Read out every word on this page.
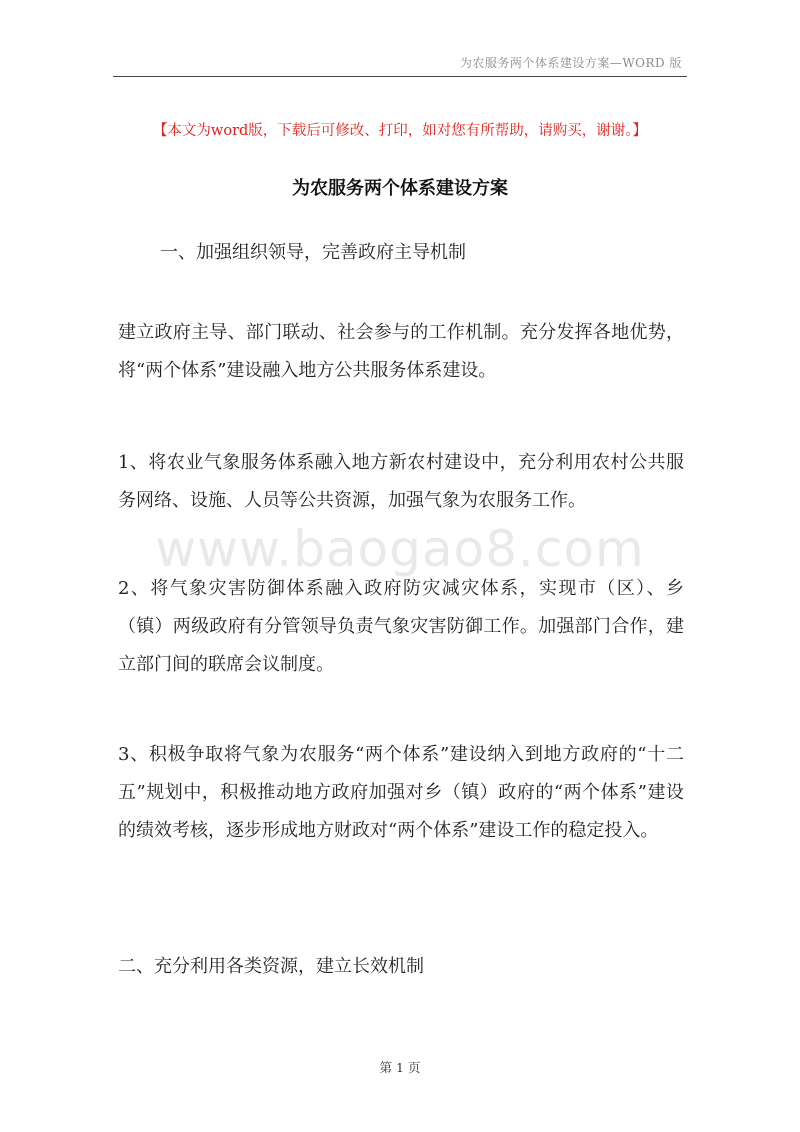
为农服务两个体系建设方案—WORD 版
【本文为word版，下载后可修改、打印，如对您有所帮助，请购买，谢谢。】
为农服务两个体系建设方案
一、加强组织领导，完善政府主导机制
建立政府主导、部门联动、社会参与的工作机制。充分发挥各地优势，将“两个体系”建设融入地方公共服务体系建设。
1、将农业气象服务体系融入地方新农村建设中，充分利用农村公共服务网络、设施、人员等公共资源，加强气象为农服务工作。
2、将气象灾害防御体系融入政府防灾减灾体系，实现市（区）、乡（镇）两级政府有分管领导负责气象灾害防御工作。加强部门合作，建立部门间的联席会议制度。
3、积极争取将气象为农服务“两个体系”建设纳入到地方政府的“十二五”规划中，积极推动地方政府加强对乡（镇）政府的“两个体系”建设的绩效考核，逐步形成地方财政对“两个体系”建设工作的稳定投入。
www.baogao8.com
二、充分利用各类资源，建立长效机制
第 1 页
